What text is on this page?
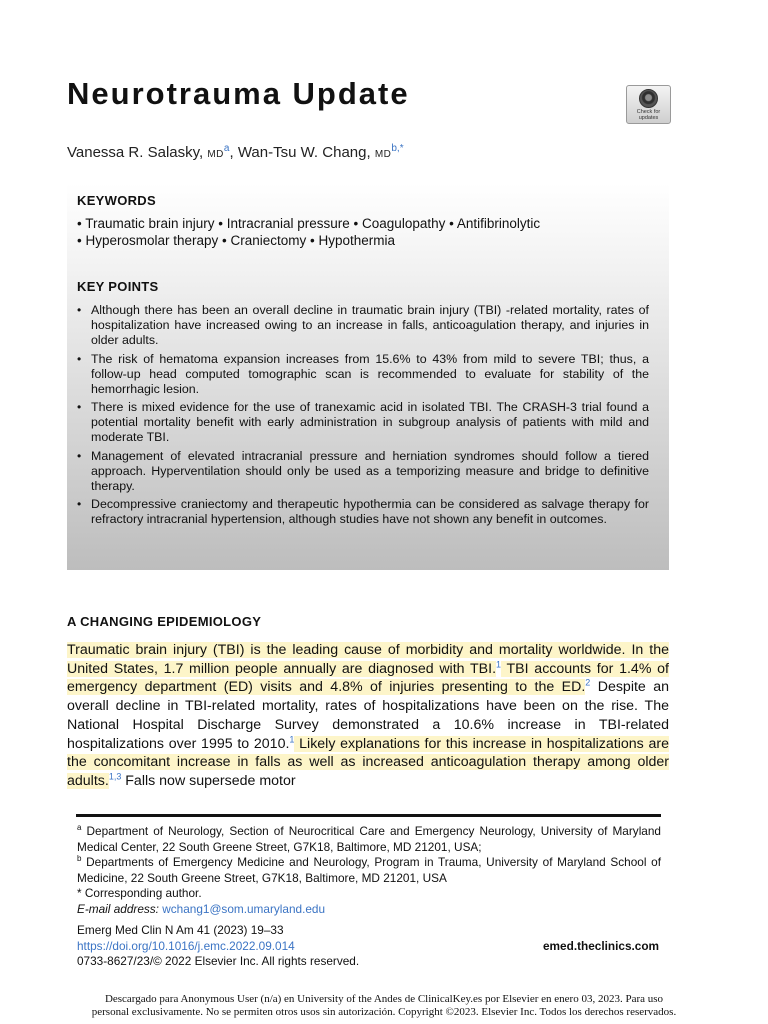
Neurotrauma Update
Check for
updates
Vanessa R. Salasky, $MD^a$, Wan-Tsu W. Chang, $MD^{b,*}$
KEYWORDS
• Traumatic brain injury • Intracranial pressure • Coagulopathy • Antifibrinolytic
• Hyperosmolar therapy • Craniectomy • Hypothermia
KEY POINTS
• Although there has been an overall decline in traumatic brain injury (TBI) -related mortality, rates of hospitalization have increased owing to an increase in falls, anticoagulation therapy, and injuries in older adults.
• The risk of hematoma expansion increases from 15.6% to 43% from mild to severe TBI; thus, a follow-up head computed tomographic scan is recommended to evaluate for stability of the hemorrhagic lesion.
• There is mixed evidence for the use of tranexamic acid in isolated TBI. The CRASH-3 trial found a potential mortality benefit with early administration in subgroup analysis of patients with mild and moderate TBI.
• Management of elevated intracranial pressure and herniation syndromes should follow a tiered approach. Hyperventilation should only be used as a temporizing measure and bridge to definitive therapy.
• Decompressive craniectomy and therapeutic hypothermia can be considered as salvage therapy for refractory intracranial hypertension, although studies have not shown any benefit in outcomes.
A CHANGING EPIDEMIOLOGY

Traumatic brain injury (TBI) is the leading cause of morbidity and mortality worldwide. In the United States, 1.7 million people annually are diagnosed with TBI.$^1$ TBI accounts for 1.4% of emergency department (ED) visits and 4.8% of injuries presenting to the ED.$^2$ Despite an overall decline in TBI-related mortality, rates of hospitalizations have been on the rise. The National Hospital Discharge Survey demonstrated a 10.6% increase in TBI-related hospitalizations over 1995 to 2010.$^1$ Likely explanations for this increase in hospitalizations are the concomitant increase in falls as well as increased anticoagulation therapy among older adults.$^{1,3}$ Falls now supersede motor

$^a$ Department of Neurology, Section of Neurocritical Care and Emergency Neurology, University of Maryland Medical Center, 22 South Greene Street, G7K18, Baltimore, MD 21201, USA;

$^b$ Departments of Emergency Medicine and Neurology, Program in Trauma, University of Maryland School of Medicine, 22 South Greene Street, G7K18, Baltimore, MD 21201, USA

* Corresponding author.

E-mail address: wchang1@som.umaryland.edu

Emerg Med Clin N Am 41 (2023) 19–33
https://doi.org/10.1016/j.emc.2022.09.014
0733-8627/23/© 2022 Elsevier Inc. All rights reserved.
emed.theclinics.com
Descargado para Anonymous User (n/a) en University of the Andes de ClinicalKey.es por Elsevier en enero 03, 2023. Para uso
personal exclusivamente. No se permiten otros usos sin autorización. Copyright ©2023. Elsevier Inc. Todos los derechos reservados.
